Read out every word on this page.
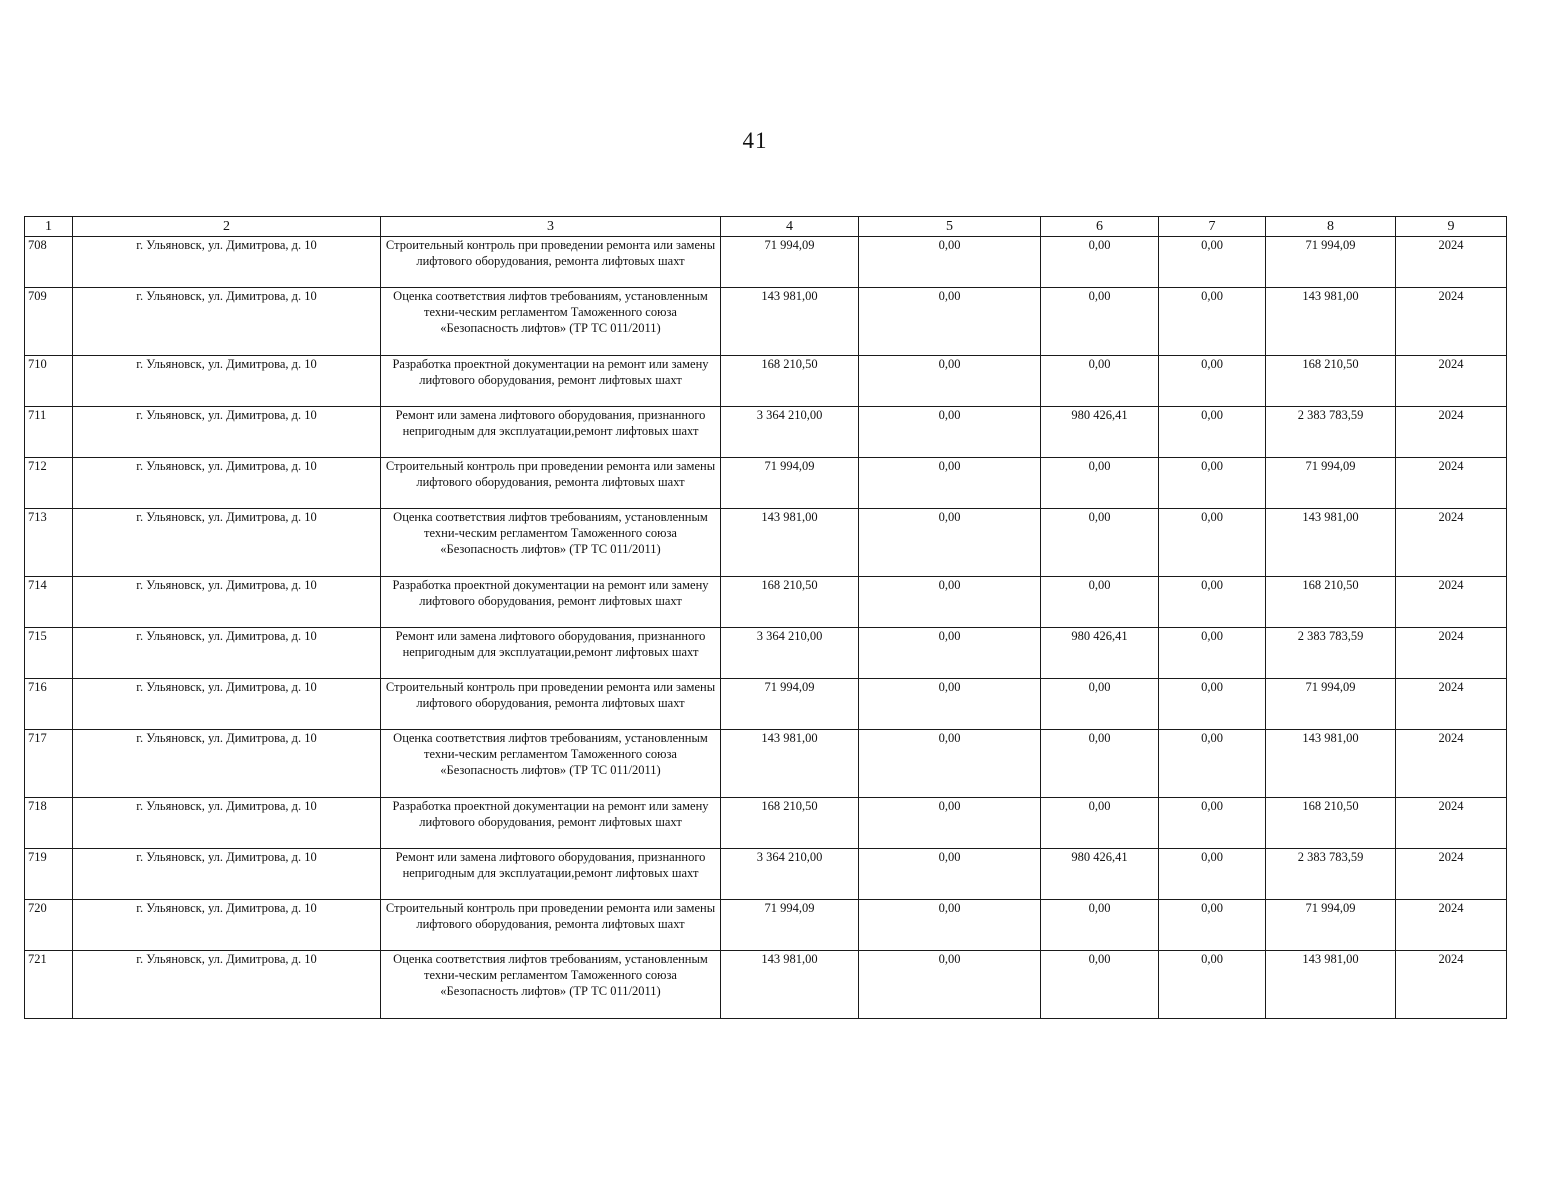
41
1	2	3	4	5	6	7	8	9
708	г. Ульяновск, ул. Димитрова, д. 10	Строительный контроль при проведении ремонта или замены лифтового оборудования, ремонта лифтовых шахт	71 994,09	0,00	0,00	0,00	71 994,09	2024
709	г. Ульяновск, ул. Димитрова, д. 10	Оценка соответствия лифтов требованиям, установленным техни-ческим регламентом Таможенного союза «Безопасность лифтов» (ТР ТС 011/2011)	143 981,00	0,00	0,00	0,00	143 981,00	2024
710	г. Ульяновск, ул. Димитрова, д. 10	Разработка проектной документации на ремонт или замену лифтового оборудования, ремонт лифтовых шахт	168 210,50	0,00	0,00	0,00	168 210,50	2024
711	г. Ульяновск, ул. Димитрова, д. 10	Ремонт или замена лифтового оборудования, признанного непригодным для эксплуатации,ремонт лифтовых шахт	3 364 210,00	0,00	980 426,41	0,00	2 383 783,59	2024
712	г. Ульяновск, ул. Димитрова, д. 10	Строительный контроль при проведении ремонта или замены лифтового оборудования, ремонта лифтовых шахт	71 994,09	0,00	0,00	0,00	71 994,09	2024
713	г. Ульяновск, ул. Димитрова, д. 10	Оценка соответствия лифтов требованиям, установленным техни-ческим регламентом Таможенного союза «Безопасность лифтов» (ТР ТС 011/2011)	143 981,00	0,00	0,00	0,00	143 981,00	2024
714	г. Ульяновск, ул. Димитрова, д. 10	Разработка проектной документации на ремонт или замену лифтового оборудования, ремонт лифтовых шахт	168 210,50	0,00	0,00	0,00	168 210,50	2024
715	г. Ульяновск, ул. Димитрова, д. 10	Ремонт или замена лифтового оборудования, признанного непригодным для эксплуатации,ремонт лифтовых шахт	3 364 210,00	0,00	980 426,41	0,00	2 383 783,59	2024
716	г. Ульяновск, ул. Димитрова, д. 10	Строительный контроль при проведении ремонта или замены лифтового оборудования, ремонта лифтовых шахт	71 994,09	0,00	0,00	0,00	71 994,09	2024
717	г. Ульяновск, ул. Димитрова, д. 10	Оценка соответствия лифтов требованиям, установленным техни-ческим регламентом Таможенного союза «Безопасность лифтов» (ТР ТС 011/2011)	143 981,00	0,00	0,00	0,00	143 981,00	2024
718	г. Ульяновск, ул. Димитрова, д. 10	Разработка проектной документации на ремонт или замену лифтового оборудования, ремонт лифтовых шахт	168 210,50	0,00	0,00	0,00	168 210,50	2024
719	г. Ульяновск, ул. Димитрова, д. 10	Ремонт или замена лифтового оборудования, признанного непригодным для эксплуатации,ремонт лифтовых шахт	3 364 210,00	0,00	980 426,41	0,00	2 383 783,59	2024
720	г. Ульяновск, ул. Димитрова, д. 10	Строительный контроль при проведении ремонта или замены лифтового оборудования, ремонта лифтовых шахт	71 994,09	0,00	0,00	0,00	71 994,09	2024
721	г. Ульяновск, ул. Димитрова, д. 10	Оценка соответствия лифтов требованиям, установленным техни-ческим регламентом Таможенного союза «Безопасность лифтов» (ТР ТС 011/2011)	143 981,00	0,00	0,00	0,00	143 981,00	2024
